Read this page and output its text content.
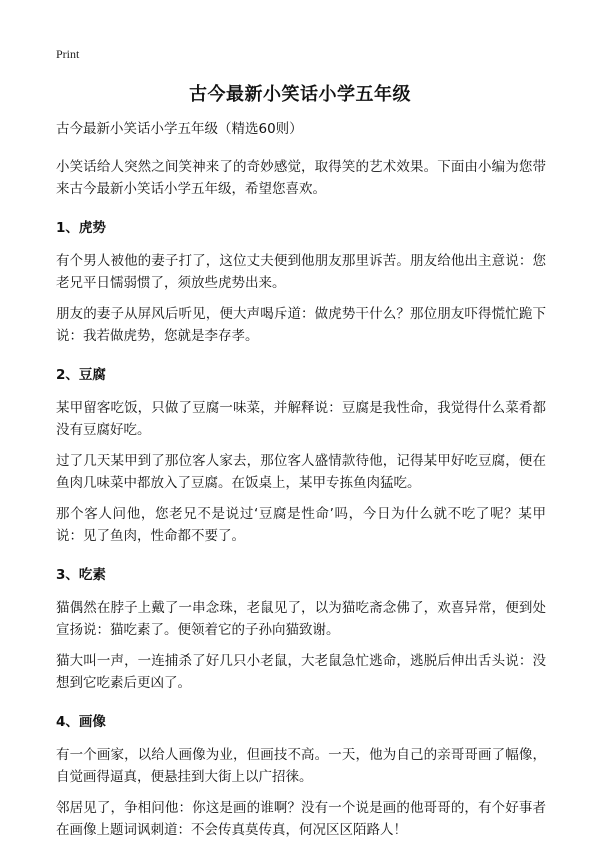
Print
古今最新小笑话小学五年级

古今最新小笑话小学五年级（精选60则）

小笑话给人突然之间笑神来了的奇妙感觉，取得笑的艺术效果。下面由小编为您带来古今最新小笑话小学五年级，希望您喜欢。

1、虎势

有个男人被他的妻子打了，这位丈夫便到他朋友那里诉苦。朋友给他出主意说：您老兄平日懦弱惯了，须放些虎势出来。

朋友的妻子从屏风后听见，便大声喝斥道：做虎势干什么？那位朋友吓得慌忙跪下说：我若做虎势，您就是李存孝。

2、豆腐

某甲留客吃饭，只做了豆腐一味菜，并解释说：豆腐是我性命，我觉得什么菜肴都没有豆腐好吃。

过了几天某甲到了那位客人家去，那位客人盛情款待他，记得某甲好吃豆腐，便在鱼肉几味菜中都放入了豆腐。在饭桌上，某甲专拣鱼肉猛吃。

那个客人问他，您老兄不是说过‘豆腐是性命’吗，今日为什么就不吃了呢？某甲说：见了鱼肉，性命都不要了。

3、吃素

猫偶然在脖子上戴了一串念珠，老鼠见了，以为猫吃斋念佛了，欢喜异常，便到处宣扬说：猫吃素了。便领着它的子孙向猫致谢。

猫大叫一声，一连捕杀了好几只小老鼠，大老鼠急忙逃命，逃脱后伸出舌头说：没想到它吃素后更凶了。

4、画像

有一个画家，以给人画像为业，但画技不高。一天，他为自己的亲哥哥画了幅像，自觉画得逼真，便悬挂到大街上以广招徕。

邻居见了，争相问他：你这是画的谁啊？没有一个说是画的他哥哥的，有个好事者在画像上题词讽刺道：不会传真莫传真，何况区区陌路人！
